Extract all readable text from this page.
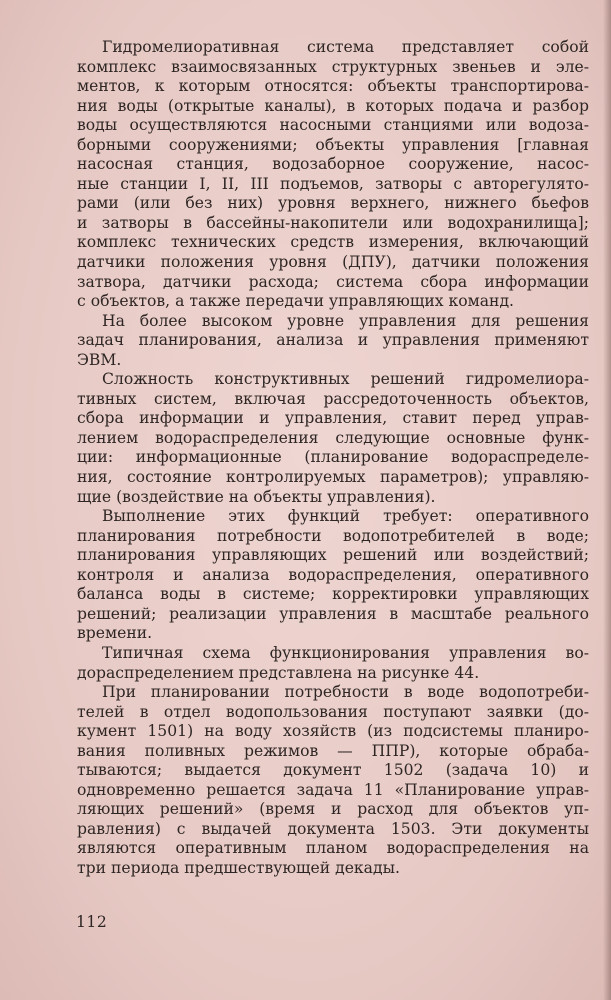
Гидромелиоративная система представляет собой
комплекс взаимосвязанных структурных звеньев и эле-
ментов, к которым относятся: объекты транспортирова-
ния воды (открытые каналы), в которых подача и разбор
воды осуществляются насосными станциями или водоза-
борными сооружениями; объекты управления [главная
насосная станция, водозаборное сооружение, насос-
ные станции I, II, III подъемов, затворы с авторегулято-
рами (или без них) уровня верхнего, нижнего бьефов
и затворы в бассейны-накопители или водохранилища];
комплекс технических средств измерения, включающий
датчики положения уровня (ДПУ), датчики положения
затвора, датчики расхода; система сбора информации
с объектов, а также передачи управляющих команд.

На более высоком уровне управления для решения
задач планирования, анализа и управления применяют
ЭВМ.

Сложность конструктивных решений гидромелиора-
тивных систем, включая рассредоточенность объектов,
сбора информации и управления, ставит перед управ-
лением водораспределения следующие основные функ-
ции: информационные (планирование водораспределе-
ния, состояние контролируемых параметров); управляю-
щие (воздействие на объекты управления).

Выполнение этих функций требует: оперативного
планирования потребности водопотребителей в воде;
планирования управляющих решений или воздействий;
контроля и анализа водораспределения, оперативного
баланса воды в системе; корректировки управляющих
решений; реализации управления в масштабе реального
времени.

Типичная схема функционирования управления во-
дораспределением представлена на рисунке 44.

При планировании потребности в воде водопотреби-
телей в отдел водопользования поступают заявки (до-
кумент 1501) на воду хозяйств (из подсистемы планиро-
вания поливных режимов — ППР), которые обраба-
тываются; выдается документ 1502 (задача 10) и
одновременно решается задача 11 «Планирование управ-
ляющих решений» (время и расход для объектов уп-
равления) с выдачей документа 1503. Эти документы
являются оперативным планом водораспределения на
три периода предшествующей декады.

112
